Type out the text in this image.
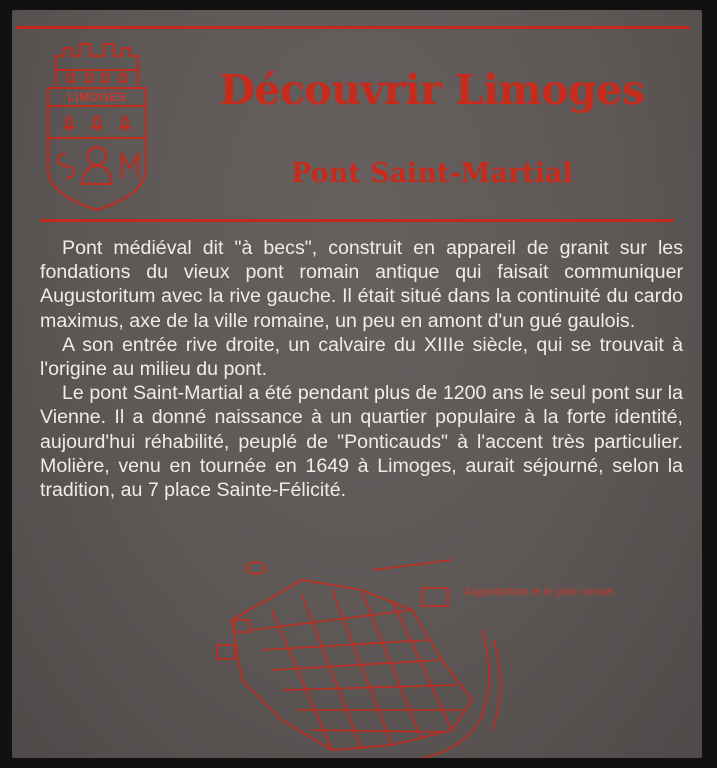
LIMOGES	Découvrir Limoges
Pont Saint-Martial

Pont médiéval dit "à becs", construit en appareil de granit sur les fondations du vieux pont romain antique qui faisait communiquer Augustoritum avec la rive gauche. Il était situé dans la continuité du cardo maximus, axe de la ville romaine, un peu en amont d'un gué gaulois.

A son entrée rive droite, un calvaire du XIIIe siècle, qui se trouvait à l'origine au milieu du pont.

Le pont Saint-Martial a été pendant plus de 1200 ans le seul pont sur la Vienne. Il a donné naissance à un quartier populaire à la forte identité, aujourd'hui réhabilité, peuplé de "Ponticauds" à l'accent très particulier. Molière, venu en tournée en 1649 à Limoges, aurait séjourné, selon la tradition, au 7 place Sainte-Félicité.

Augustoritum et le pont romain
